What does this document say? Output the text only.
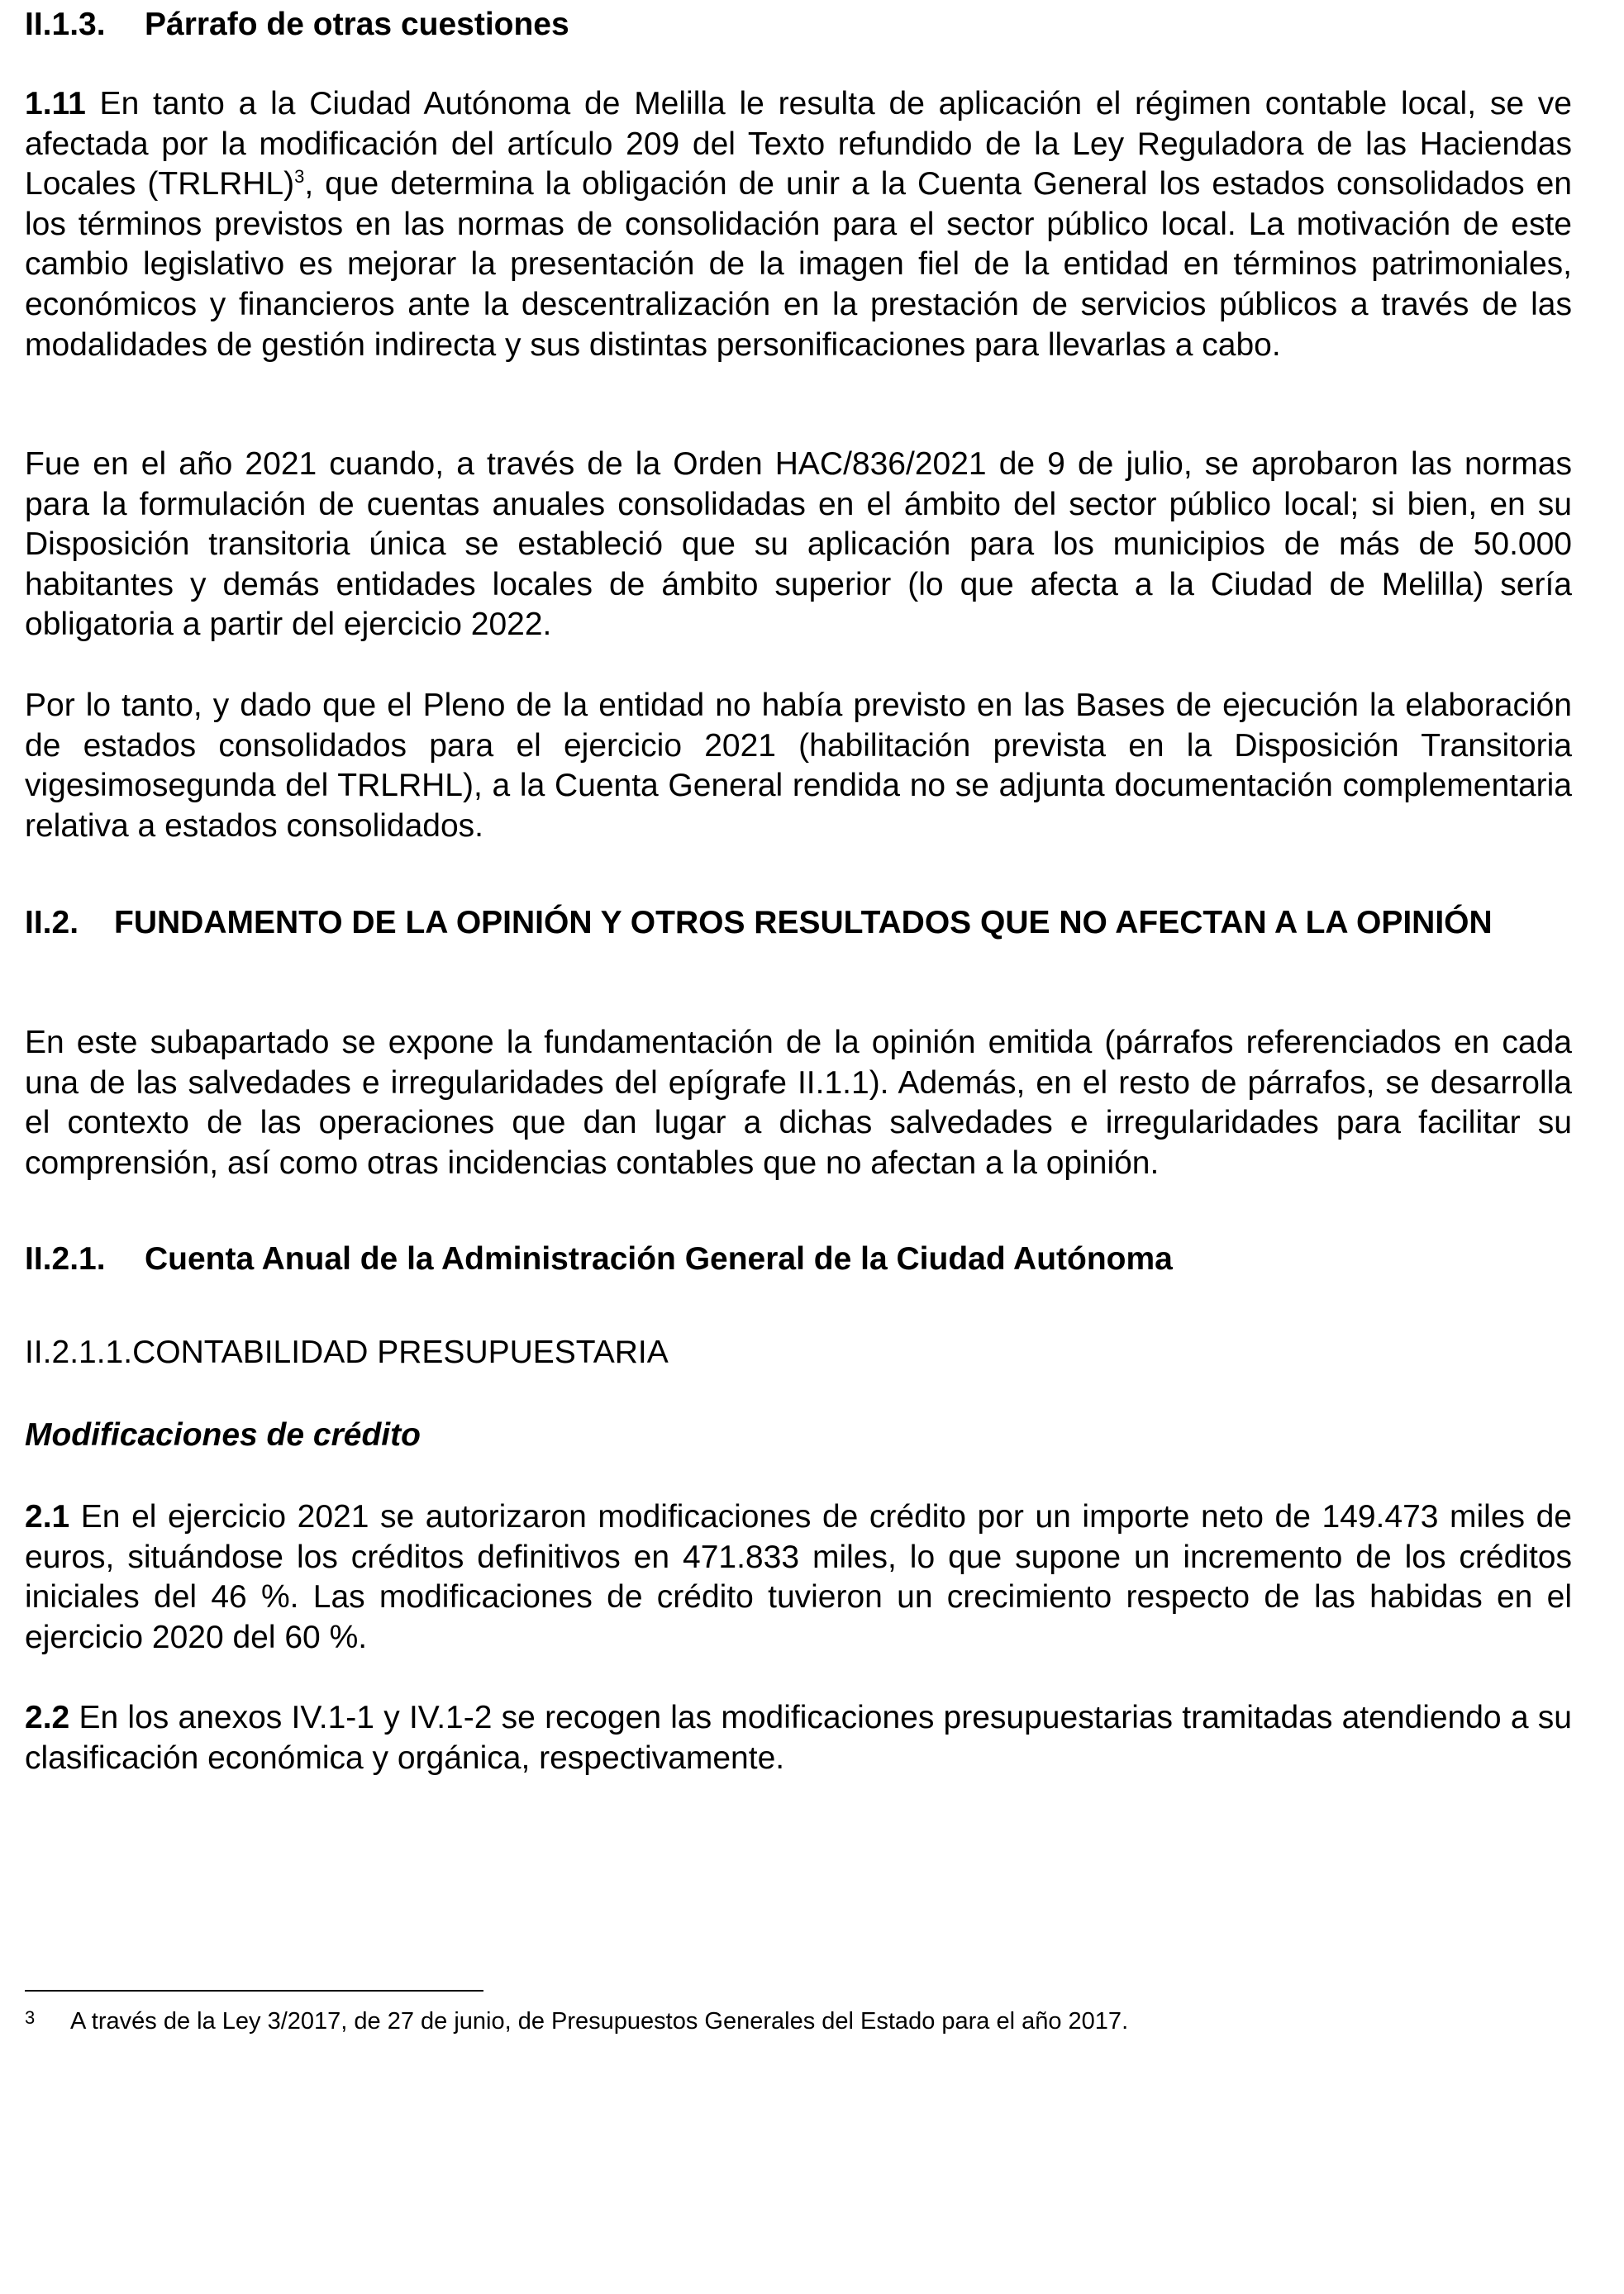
II.1.3.	Párrafo de otras cuestiones

1.11 En tanto a la Ciudad Autónoma de Melilla le resulta de aplicación el régimen contable local, se ve afectada por la modificación del artículo 209 del Texto refundido de la Ley Reguladora de las Haciendas Locales (TRLRHL)$^3$, que determina la obligación de unir a la Cuenta General los estados consolidados en los términos previstos en las normas de consolidación para el sector público local. La motivación de este cambio legislativo es mejorar la presentación de la imagen fiel de la entidad en términos patrimoniales, económicos y financieros ante la descentralización en la prestación de servicios públicos a través de las modalidades de gestión indirecta y sus distintas personificaciones para llevarlas a cabo.

Fue en el año 2021 cuando, a través de la Orden HAC/836/2021 de 9 de julio, se aprobaron las normas para la formulación de cuentas anuales consolidadas en el ámbito del sector público local; si bien, en su Disposición transitoria única se estableció que su aplicación para los municipios de más de 50.000 habitantes y demás entidades locales de ámbito superior (lo que afecta a la Ciudad de Melilla) sería obligatoria a partir del ejercicio 2022.

Por lo tanto, y dado que el Pleno de la entidad no había previsto en las Bases de ejecución la elaboración de estados consolidados para el ejercicio 2021 (habilitación prevista en la Disposición Transitoria vigesimosegunda del TRLRHL), a la Cuenta General rendida no se adjunta documentación complementaria relativa a estados consolidados.

II.2.	FUNDAMENTO DE LA OPINIÓN Y OTROS RESULTADOS QUE NO AFECTAN A LA OPINIÓN

En este subapartado se expone la fundamentación de la opinión emitida (párrafos referenciados en cada una de las salvedades e irregularidades del epígrafe II.1.1). Además, en el resto de párrafos, se desarrolla el contexto de las operaciones que dan lugar a dichas salvedades e irregularidades para facilitar su comprensión, así como otras incidencias contables que no afectan a la opinión.

II.2.1.	Cuenta Anual de la Administración General de la Ciudad Autónoma

II.2.1.1.CONTABILIDAD PRESUPUESTARIA

Modificaciones de crédito

2.1 En el ejercicio 2021 se autorizaron modificaciones de crédito por un importe neto de 149.473 miles de euros, situándose los créditos definitivos en 471.833 miles, lo que supone un incremento de los créditos iniciales del 46 %. Las modificaciones de crédito tuvieron un crecimiento respecto de las habidas en el ejercicio 2020 del 60 %.

2.2 En los anexos IV.1-1 y IV.1-2 se recogen las modificaciones presupuestarias tramitadas atendiendo a su clasificación económica y orgánica, respectivamente.

3	A través de la Ley 3/2017, de 27 de junio, de Presupuestos Generales del Estado para el año 2017.
